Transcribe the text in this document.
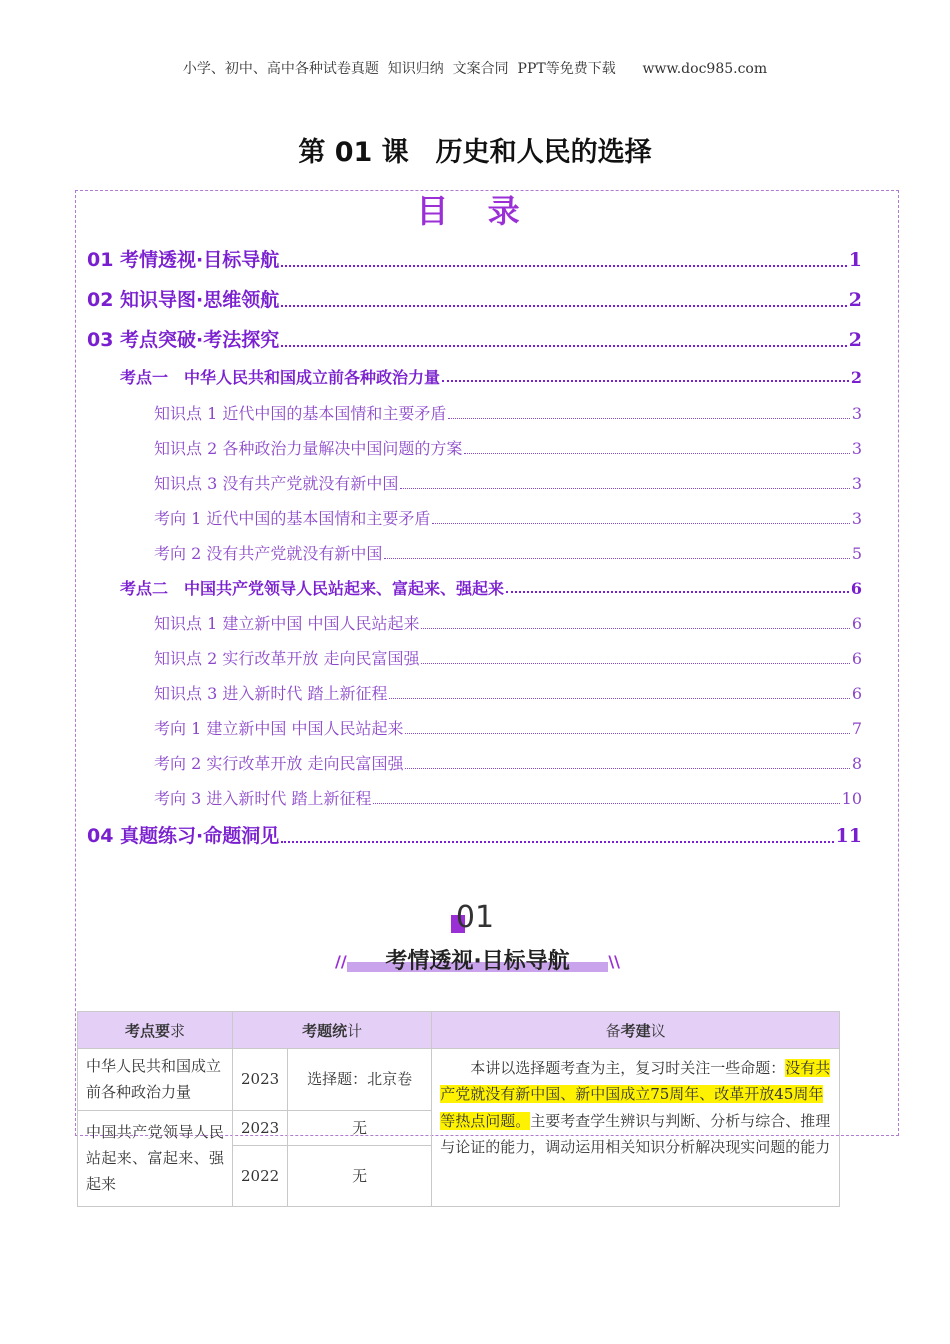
小学、初中、高中各种试卷真题  知识归纳  文案合同  PPT等免费下载      www.doc985.com
第 01 课　历史和人民的选择
目 录
01 考情透视·目标导航	1
02 知识导图·思维领航	2
03 考点突破·考法探究	2
考点一　中华人民共和国成立前各种政治力量	2
知识点 1 近代中国的基本国情和主要矛盾	3
知识点 2 各种政治力量解决中国问题的方案	3
知识点 3 没有共产党就没有新中国	3
考向 1 近代中国的基本国情和主要矛盾	3
考向 2 没有共产党就没有新中国	5
考点二　中国共产党领导人民站起来、富起来、强起来	6
知识点 1 建立新中国 中国人民站起来	6
知识点 2 实行改革开放 走向民富国强	6
知识点 3 进入新时代 踏上新征程	6
考向 1 建立新中国 中国人民站起来	7
考向 2 实行改革开放 走向民富国强	8
考向 3 进入新时代 踏上新征程	10
04 真题练习·命题洞见	11
01
//	考情透视·目标导航	\\
考点要求	考题统计		备考建议
中华人民共和国成立前各种政治力量	2023	选择题：北京卷	本讲以选择题考查为主，复习时关注一些命题：没有共产党就没有新中国、新中国成立75周年、改革开放45周年等热点问题。主要考查学生辨识与判断、分析与综合、推理与论证的能力，调动运用相关知识分析解决现实问题的能力
中国共产党领导人民站起来、富起来、强起来	2023	无	
	2022	无	
